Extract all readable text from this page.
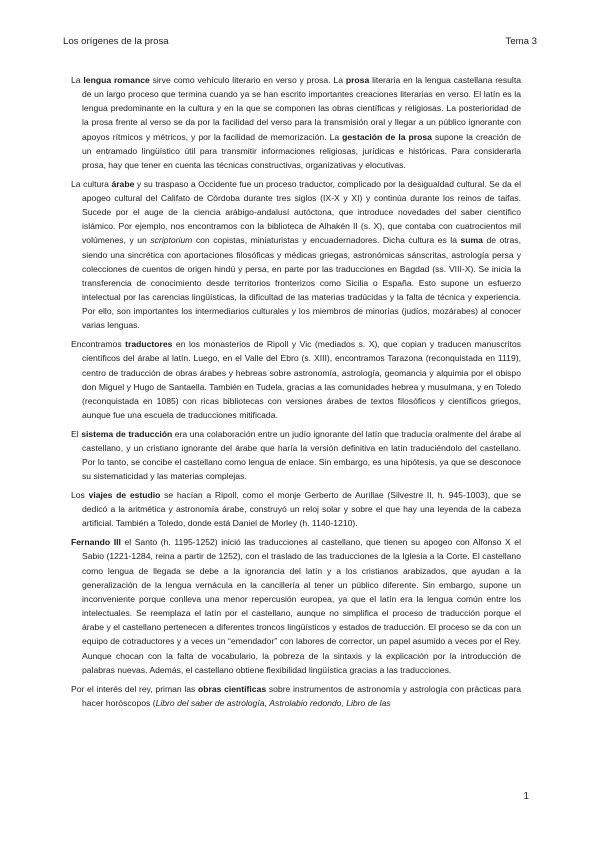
Los orígenes de la prosa	Tema 3

La lengua romance sirve como vehículo literario en verso y prosa. La prosa literaria en la lengua castellana resulta de un largo proceso que termina cuando ya se han escrito importantes creaciones literarias en verso. El latín es la lengua predominante en la cultura y en la que se componen las obras científicas y religiosas. La posterioridad de la prosa frente al verso se da por la facilidad del verso para la transmisión oral y llegar a un público ignorante con apoyos rítmicos y métricos, y por la facilidad de memorización. La gestación de la prosa supone la creación de un entramado lingüístico útil para transmitir informaciones religiosas, jurídicas e históricas. Para considerarla prosa, hay que tener en cuenta las técnicas constructivas, organizativas y elocutivas.

La cultura árabe y su traspaso a Occidente fue un proceso traductor, complicado por la desigualdad cultural. Se da el apogeo cultural del Califato de Córdoba durante tres siglos (IX-X y XI) y continúa durante los reinos de taifas. Sucede por el auge de la ciencia arábigo-andalusí autóctona, que introduce novedades del saber científico islámico. Por ejemplo, nos encontramos con la biblioteca de Alhakén II (s. X), que contaba con cuatrocientos mil volúmenes, y un scriptorium con copistas, miniaturistas y encuadernadores. Dicha cultura es la suma de otras, siendo una sincrética con aportaciones filosóficas y médicas griegas, astronómicas sánscritas, astrología persa y colecciones de cuentos de origen hindú y persa, en parte por las traducciones en Bagdad (ss. VIII-X). Se inicia la transferencia de conocimiento desde territorios fronterizos como Sicilia o España. Esto supone un esfuerzo intelectual por las carencias lingüísticas, la dificultad de las materias tradúcidas y la falta de técnica y experiencia. Por ello, son importantes los intermediarios culturales y los miembros de minorías (judíos, mozárabes) al conocer varias lenguas.

Encontramos traductores en los monasterios de Ripoll y Vic (mediados s. X), que copian y traducen manuscritos científicos del árabe al latín. Luego, en el Valle del Ebro (s. XIII), encontramos Tarazona (reconquistada en 1119), centro de traducción de obras árabes y hebreas sobre astronomía, astrología, geomancia y alquimia por el obispo don Miguel y Hugo de Santaella. También en Tudela, gracias a las comunidades hebrea y musulmana, y en Toledo (reconquistada en 1085) con ricas bibliotecas con versiones árabes de textos filosóficos y científicos griegos, aunque fue una escuela de traducciones mitificada.

El sistema de traducción era una colaboración entre un judío ignorante del latín que traducía oralmente del árabe al castellano, y un cristiano ignorante del árabe que haría la versión definitiva en latín traduciéndolo del castellano. Por lo tanto, se concibe el castellano como lengua de enlace. Sin embargo, es una hipótesis, ya que se desconoce su sistematicidad y las materias complejas.

Los viajes de estudio se hacían a Ripoll, como el monje Gerberto de Aurillae (Silvestre II, h. 945-1003), que se dedicó a la aritmética y astronomía árabe, construyó un reloj solar y sobre el que hay una leyenda de la cabeza artificial. También a Toledo, donde está Daniel de Morley (h. 1140-1210).

Fernando III el Santo (h. 1195-1252) inició las traducciones al castellano, que tienen su apogeo con Alfonso X el Sabio (1221-1284, reina a partir de 1252), con el traslado de las traducciones de la Iglesia a la Corte. El castellano como lengua de llegada se debe a la ignorancia del latín y a los cristianos arabizados, que ayudan a la generalización de la lengua vernácula en la cancillería al tener un público diferente. Sin embargo, supone un inconveniente porque conlleva una menor repercusión europea, ya que el latín era la lengua común entre los intelectuales. Se reemplaza el latín por el castellano, aunque no simplifica el proceso de traducción porque el árabe y el castellano pertenecen a diferentes troncos lingüísticos y estados de traducción. El proceso se da con un equipo de cotraductores y a veces un “emendador” con labores de corrector, un papel asumido a veces por el Rey. Aunque chocan con la falta de vocabulario, la pobreza de la sintaxis y la explicación por la introducción de palabras nuevas. Además, el castellano obtiene flexibilidad lingüística gracias a las traducciones.

Por el interés del rey, priman las obras científicas sobre instrumentos de astronomía y astrología con prácticas para hacer horóscopos (Libro del saber de astrología, Astrolabio redondo, Libro de las

1
